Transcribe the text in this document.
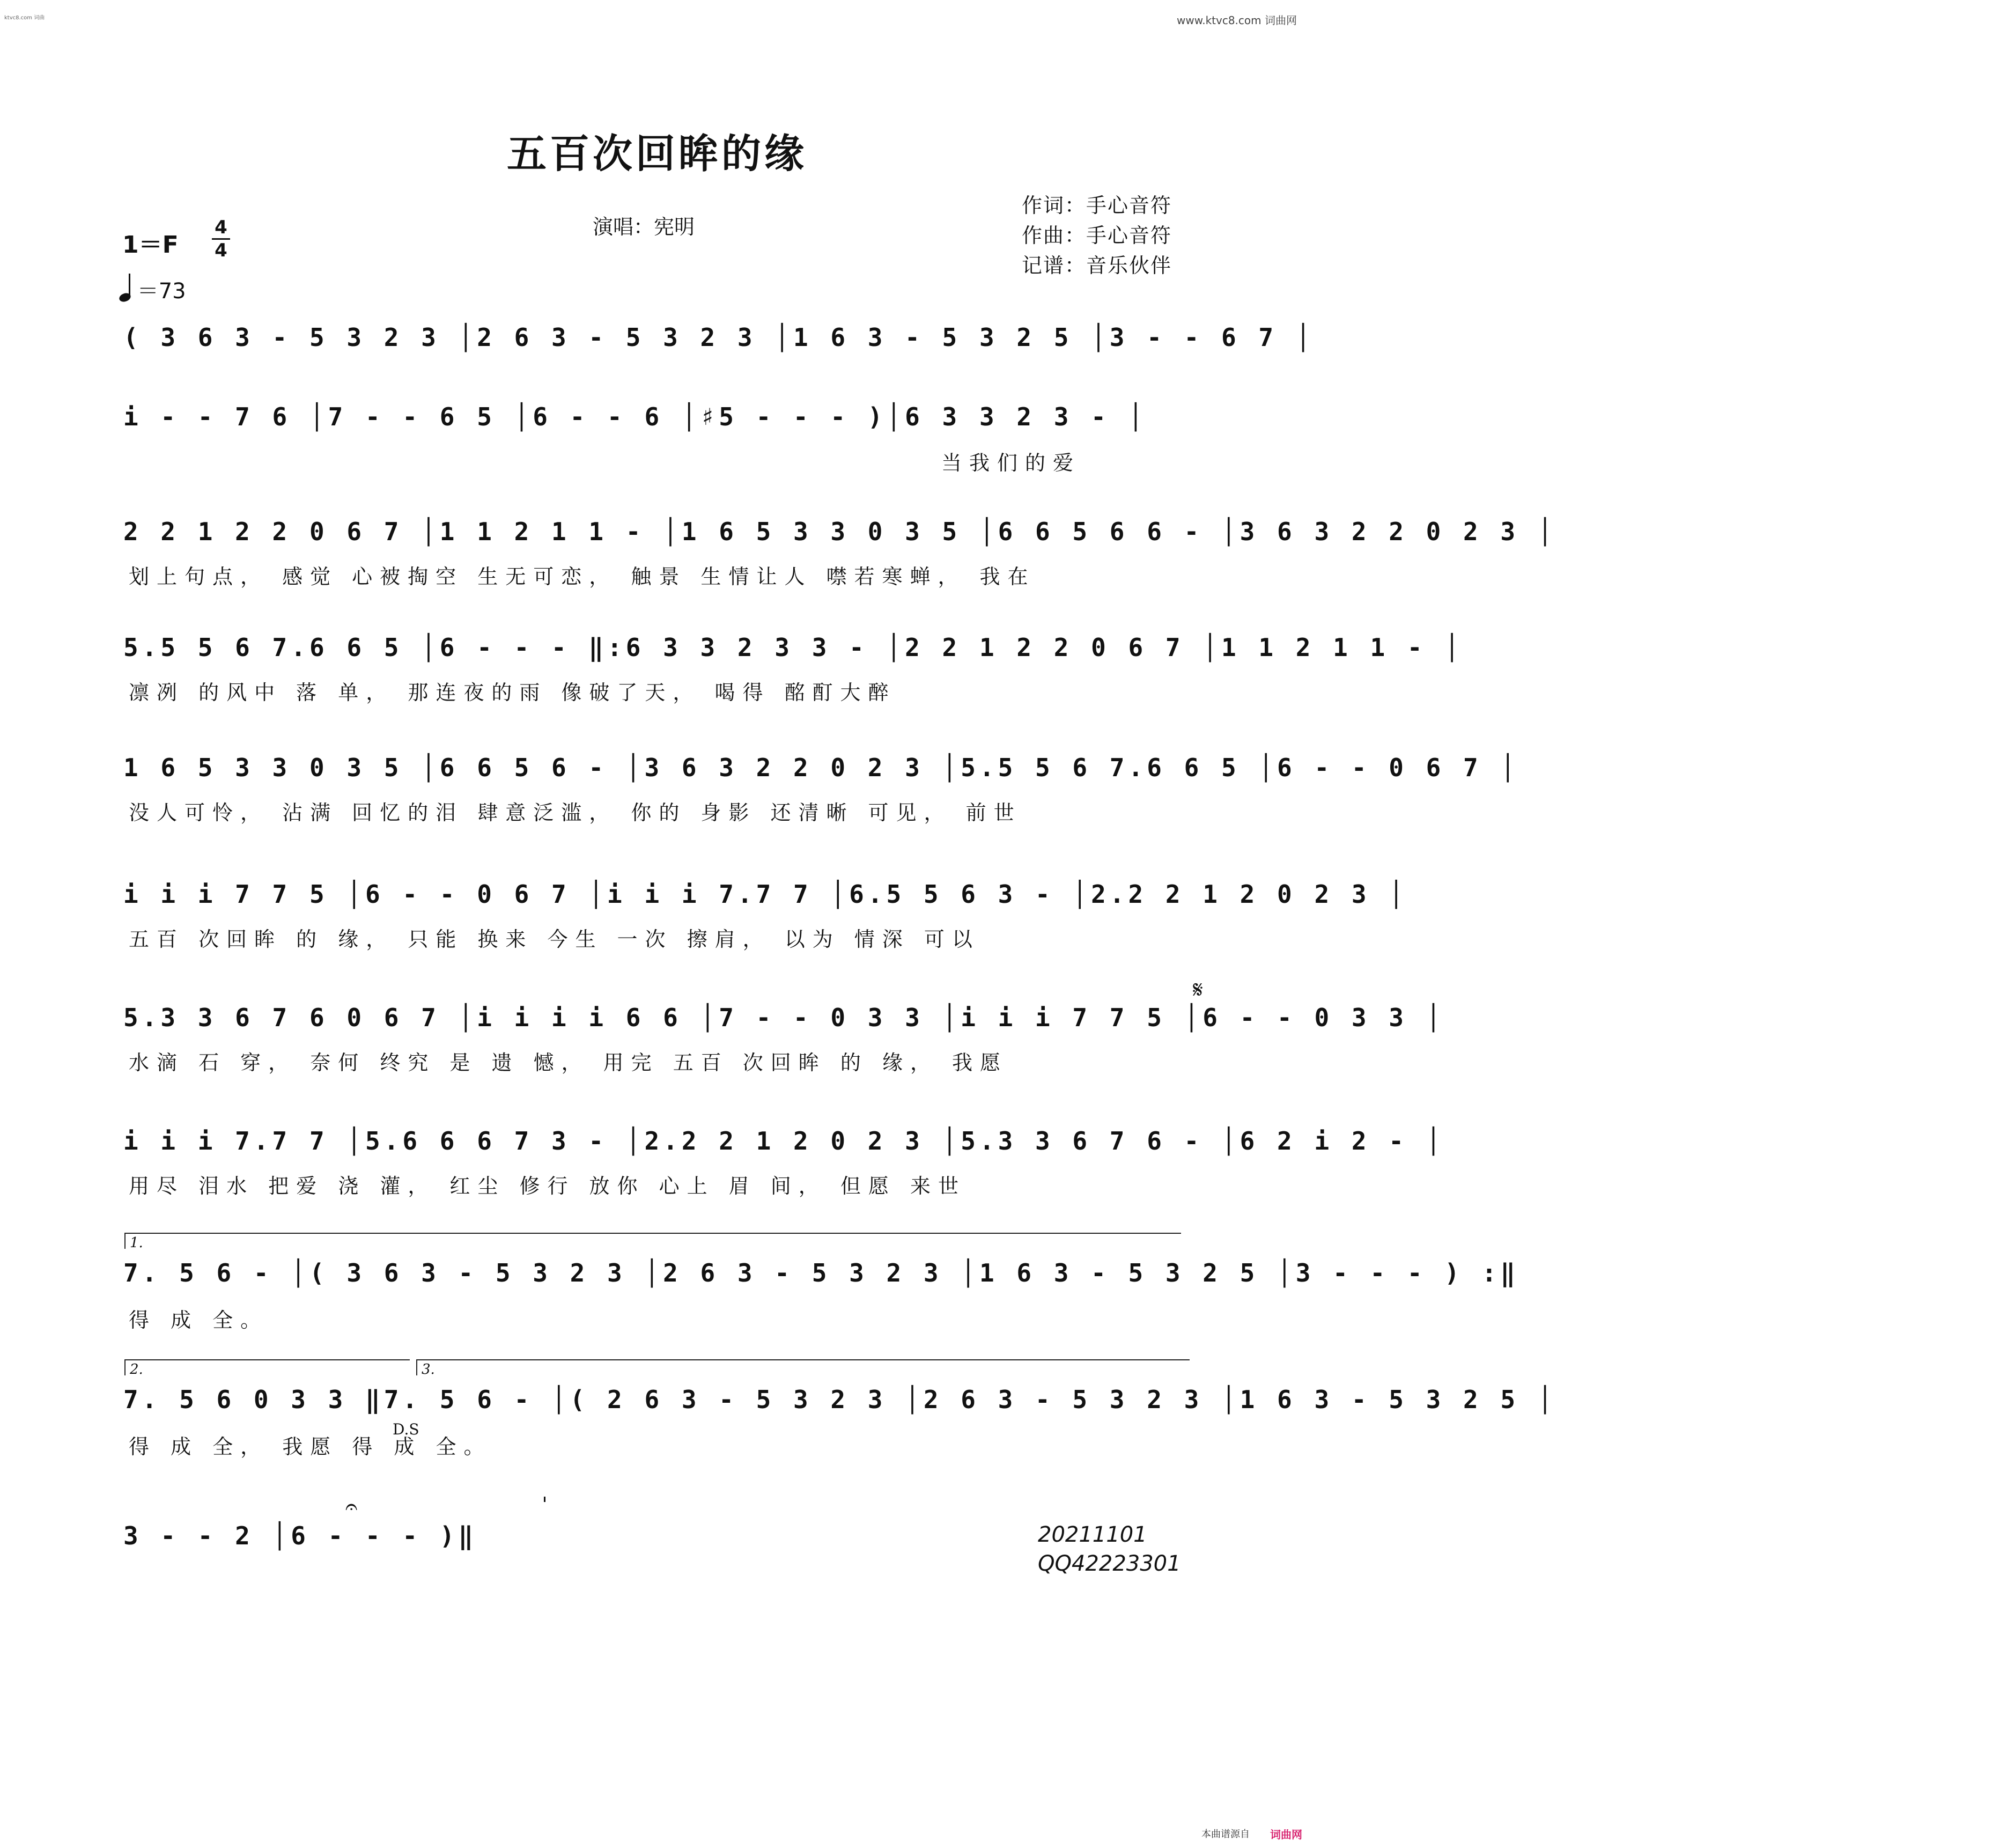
ktvc8.com 词曲	www.ktvc8.com 词曲网
五百次回眸的缘
演唱：宪明
作词：手心音符
作曲：手心音符
记谱：音乐伙伴
1＝F
4
4
＝73
( 3 6 3 - 5 3 2 3 │2 6 3 - 5 3 2 3 │1 6 3 - 5 3 2 5 │3 - - 6 7 │
i - - 7 6 │7 - - 6 5 │6 - - 6 │♯5 - - - )│6 3 3 2 3 - │
当我们的爱
2 2 1 2 2 0 6 7 │1 1 2 1 1 - │1 6 5 3 3 0 3 5 │6 6 5 6 6 - │3 6 3 2 2 0 2 3 │
划上句点， 感觉 心被掏空 生无可恋， 触景 生情让人 噤若寒蝉， 我在
5.5 5 6 7.6 6 5 │6 - - - ‖:6 3 3 2 3 3 - │2 2 1 2 2 0 6 7 │1 1 2 1 1 - │
凛冽 的风中 落 单， 那连夜的雨 像破了天， 喝得 酩酊大醉
1 6 5 3 3 0 3 5 │6 6 5 6 - │3 6 3 2 2 0 2 3 │5.5 5 6 7.6 6 5 │6 - - 0 6 7 │
没人可怜， 沾满 回忆的泪 肆意泛滥， 你的 身影 还清晰 可见， 前世
i i i 7 7 5 │6 - - 0 6 7 │i i i 7.7 7 │6.5 5 6 3 - │2.2 2 1 2 0 2 3 │
五百 次回眸 的 缘， 只能 换来 今生 一次 擦肩， 以为 情深 可以
5.3 3 6 7 6 0 6 7 │i i i i 6 6 │7 - - 0 3 3 │i i i 7 7 5 │6 - - 0 3 3 │
𝄋
水滴 石 穿， 奈何 终究 是 遗 憾， 用完 五百 次回眸 的 缘， 我愿
i i i 7.7 7 │5.6 6 6 7 3 - │2.2 2 1 2 0 2 3 │5.3 3 6 7 6 - │6 2 i 2 - │
用尽 泪水 把爱 浇 灌， 红尘 修行 放你 心上 眉 间， 但愿 来世
1.
7. 5 6 - │( 3 6 3 - 5 3 2 3 │2 6 3 - 5 3 2 3 │1 6 3 - 5 3 2 5 │3 - - - ) :‖
得 成 全。
2.	3.
7. 5 6 0 3 3 ‖7. 5 6 - │( 2 6 3 - 5 3 2 3 │2 6 3 - 5 3 2 3 │1 6 3 - 5 3 2 5 │
D.S
得 成 全， 我愿 得 成 全。
3 - - 2 │6 - - - )‖
𝄐
20211101
QQ42223301
本曲谱源自 词曲网
